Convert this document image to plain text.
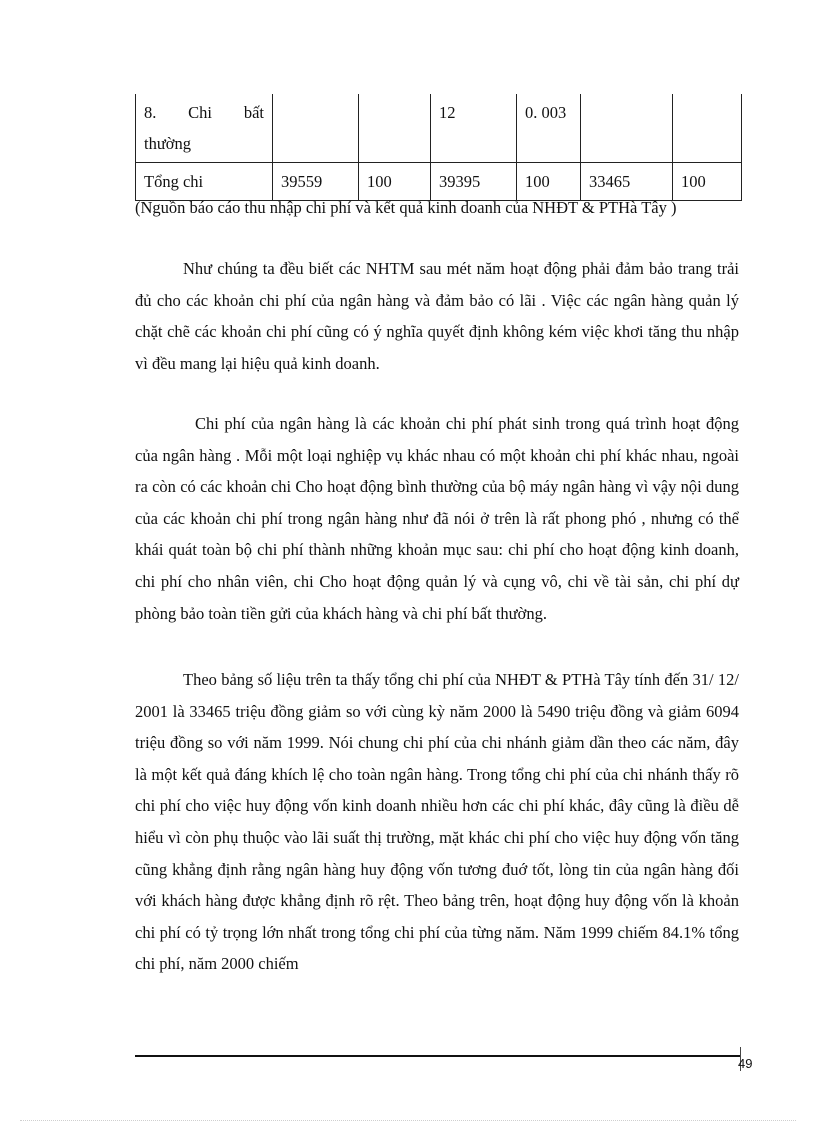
8. Chi bất
thường			12	0. 003		
Tổng chi	39559	100	39395	100	33465	100
(Nguồn báo cáo thu nhập chi phí và kết quả kinh doanh của NHĐT & PTHà Tây )

Như chúng ta đều biết các NHTM sau mét năm hoạt động phải đảm bảo trang trải đủ cho các khoản chi phí của ngân hàng và đảm bảo có lãi . Việc các ngân hàng quản lý chặt chẽ các khoản chi phí cũng có ý nghĩa quyết định không kém việc khơi tăng thu nhập vì đều mang lại hiệu quả kinh doanh.

Chi phí của ngân hàng là các khoản chi phí phát sinh trong quá trình hoạt động của ngân hàng . Mỗi một loại nghiệp vụ khác nhau có một khoản chi phí khác nhau, ngoài ra còn có các khoản chi Cho hoạt động bình thường của bộ máy ngân hàng vì vậy nội dung của các khoản chi phí trong ngân hàng như đã nói ở trên là rất phong phó , nhưng có thể khái quát toàn bộ chi phí thành những khoản mục sau: chi phí cho hoạt động kinh doanh, chi phí cho nhân viên, chi Cho hoạt động quản lý và cụng vô, chi về tài sản, chi phí dự phòng bảo toàn tiền gửi của khách hàng và chi phí bất thường.

Theo bảng số liệu trên ta thấy tổng chi phí của NHĐT & PTHà Tây tính đến 31/ 12/ 2001 là 33465 triệu đồng giảm so với cùng kỳ năm 2000 là 5490 triệu đồng và giảm 6094 triệu đồng so với năm 1999. Nói chung chi phí của chi nhánh giảm dần theo các năm, đây là một kết quả đáng khích lệ cho toàn ngân hàng. Trong tổng chi phí của chi nhánh thấy rõ chi phí cho việc huy động vốn kinh doanh nhiều hơn các chi phí khác, đây cũng là điều dễ hiểu vì còn phụ thuộc vào lãi suất thị trường, mặt khác chi phí cho việc huy động vốn tăng cũng khẳng định rằng ngân hàng huy động vốn tương đuớ tốt, lòng tin của ngân hàng đối với khách hàng được khẳng định rõ rệt. Theo bảng trên, hoạt động huy động vốn là khoản chi phí có tỷ trọng lớn nhất trong tổng chi phí của từng năm. Năm 1999 chiếm 84.1% tổng chi phí, năm 2000 chiếm

49
